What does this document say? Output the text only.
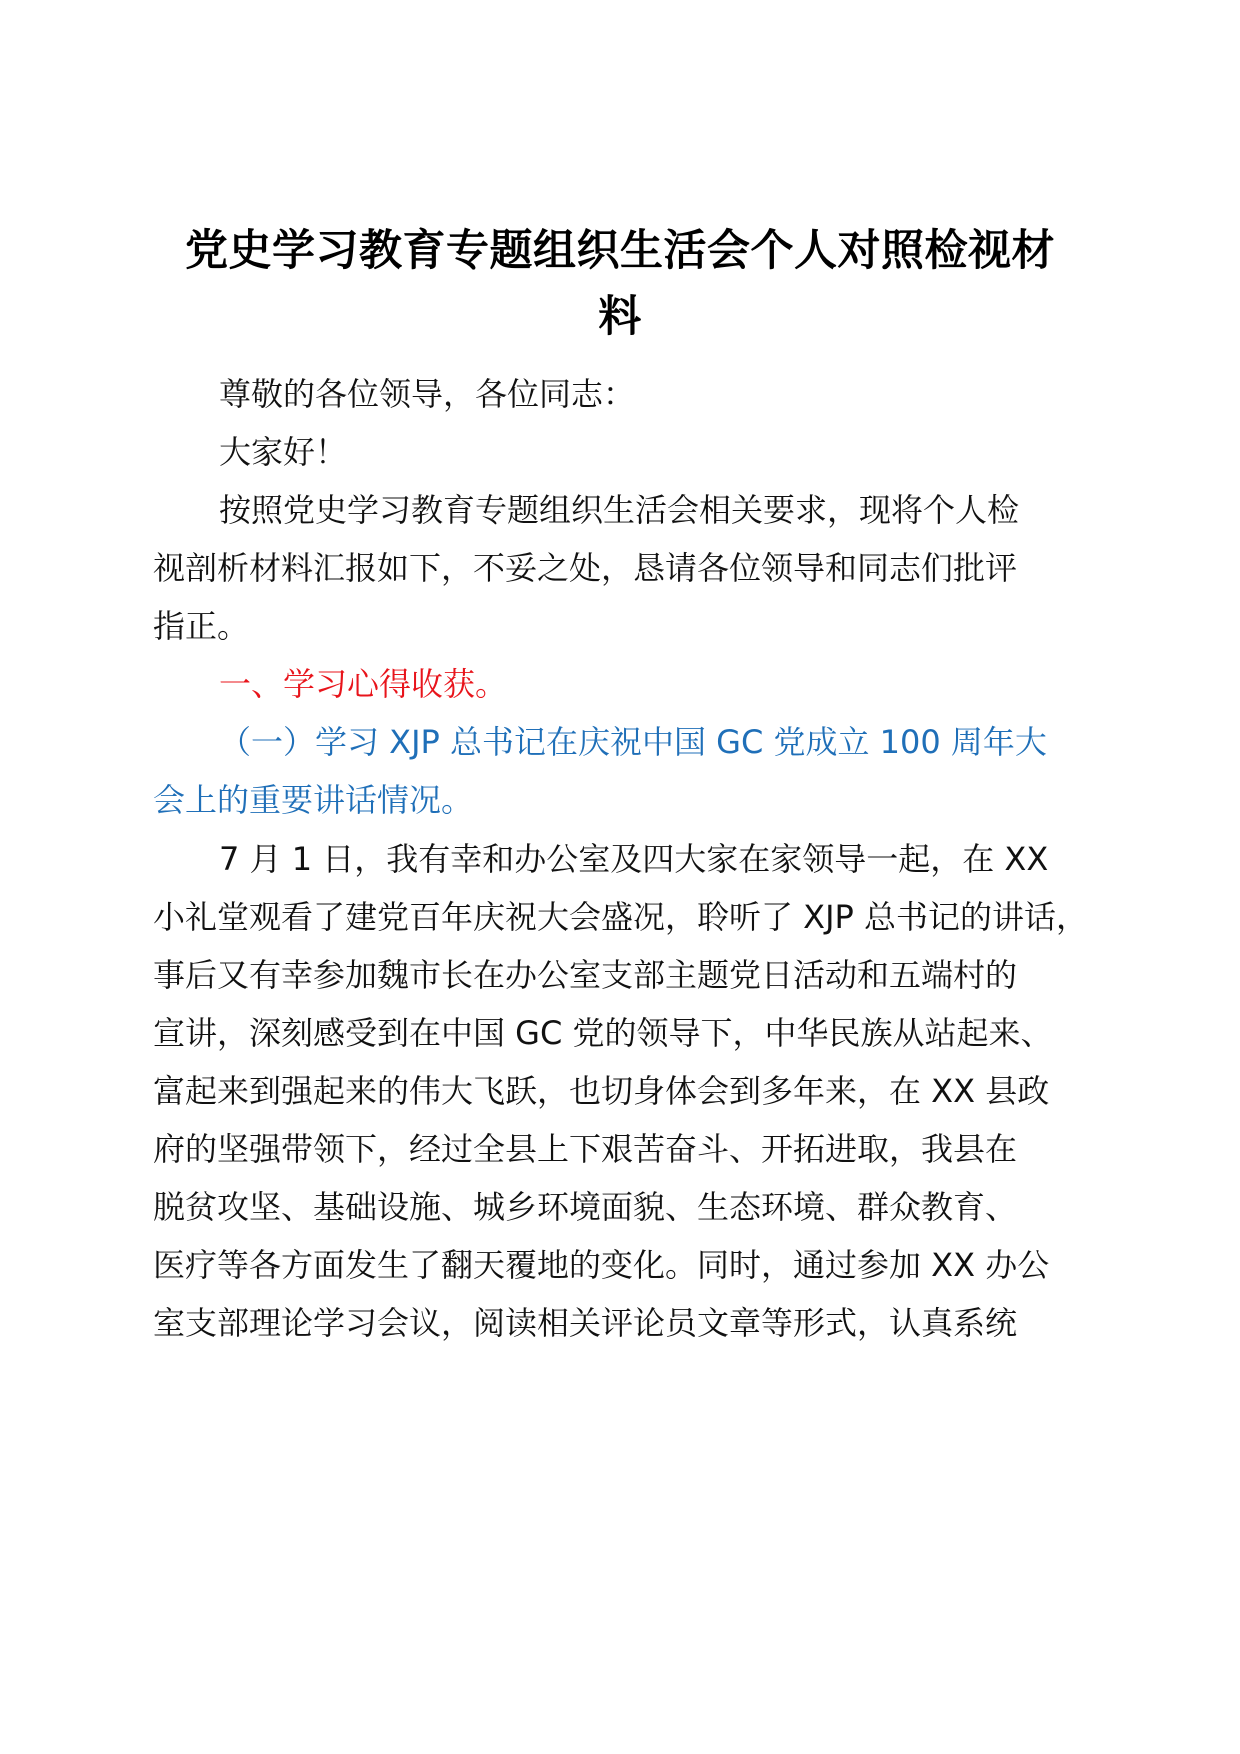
党史学习教育专题组织生活会个人对照检视材
料
尊敬的各位领导，各位同志：
大家好！
按照党史学习教育专题组织生活会相关要求，现将个人检
视剖析材料汇报如下，不妥之处，恳请各位领导和同志们批评
指正。
一、学习心得收获。
（一）学习 XJP 总书记在庆祝中国 GC 党成立 100 周年大
会上的重要讲话情况。
7 月 1 日，我有幸和办公室及四大家在家领导一起，在 XX
小礼堂观看了建党百年庆祝大会盛况，聆听了 XJP 总书记的讲话，
事后又有幸参加魏市长在办公室支部主题党日活动和五端村的
宣讲，深刻感受到在中国 GC 党的领导下，中华民族从站起来、
富起来到强起来的伟大飞跃，也切身体会到多年来，在 XX 县政
府的坚强带领下，经过全县上下艰苦奋斗、开拓进取，我县在
脱贫攻坚、基础设施、城乡环境面貌、生态环境、群众教育、
医疗等各方面发生了翻天覆地的变化。同时，通过参加 XX 办公
室支部理论学习会议，阅读相关评论员文章等形式，认真系统
